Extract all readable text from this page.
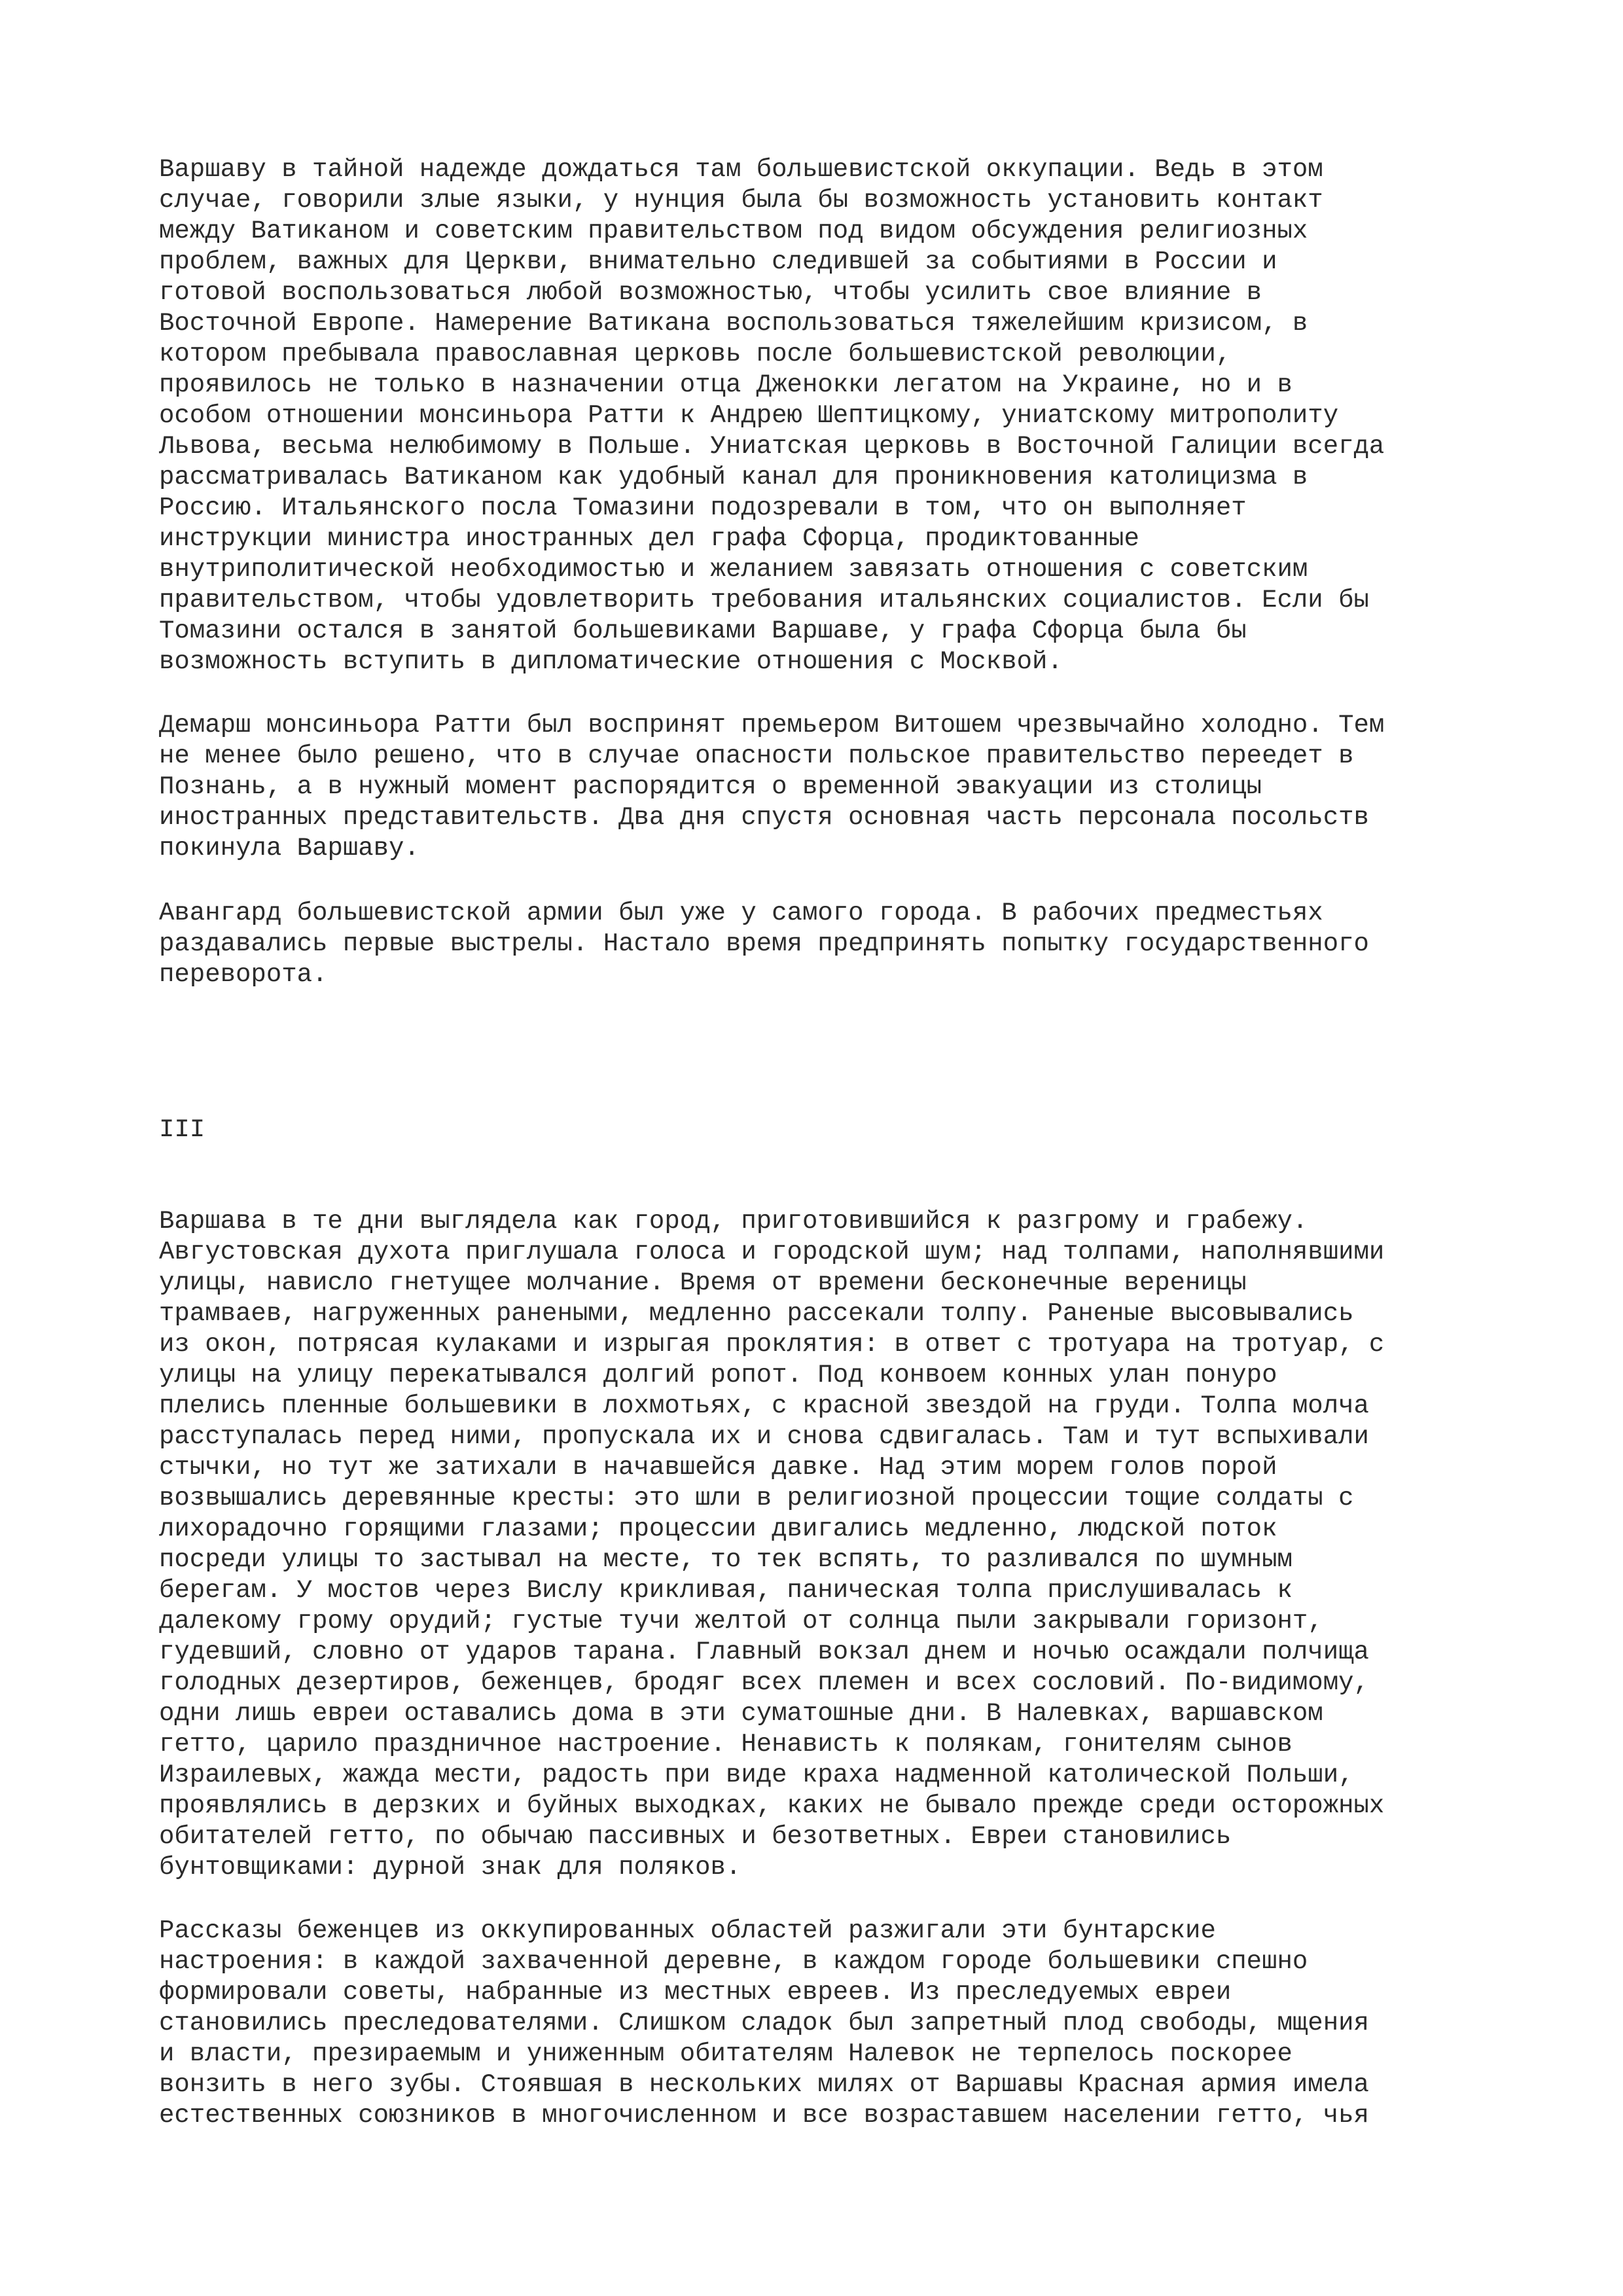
Варшаву в тайной надежде дождаться там большевистской оккупации. Ведь в этом
случае, говорили злые языки, у нунция была бы возможность установить контакт
между Ватиканом и советским правительством под видом обсуждения религиозных
проблем, важных для Церкви, внимательно следившей за событиями в России и
готовой воспользоваться любой возможностью, чтобы усилить свое влияние в
Восточной Европе. Намерение Ватикана воспользоваться тяжелейшим кризисом, в
котором пребывала православная церковь после большевистской революции,
проявилось не только в назначении отца Дженокки легатом на Украине, но и в
особом отношении монсиньора Ратти к Андрею Шептицкому, униатскому митрополиту
Львова, весьма нелюбимому в Польше. Униатская церковь в Восточной Галиции всегда
рассматривалась Ватиканом как удобный канал для проникновения католицизма в
Россию. Итальянского посла Томазини подозревали в том, что он выполняет
инструкции министра иностранных дел графа Сфорца, продиктованные
внутриполитической необходимостью и желанием завязать отношения с советским
правительством, чтобы удовлетворить требования итальянских социалистов. Если бы
Томазини остался в занятой большевиками Варшаве, у графа Сфорца была бы
возможность вступить в дипломатические отношения с Москвой.

Демарш монсиньора Ратти был воспринят премьером Витошем чрезвычайно холодно. Тем
не менее было решено, что в случае опасности польское правительство переедет в
Познань, а в нужный момент распорядится о временной эвакуации из столицы
иностранных представительств. Два дня спустя основная часть персонала посольств
покинула Варшаву.

Авангард большевистской армии был уже у самого города. В рабочих предместьях
раздавались первые выстрелы. Настало время предпринять попытку государственного
переворота.

III

Варшава в те дни выглядела как город, приготовившийся к разгрому и грабежу.
Августовская духота приглушала голоса и городской шум; над толпами, наполнявшими
улицы, нависло гнетущее молчание. Время от времени бесконечные вереницы
трамваев, нагруженных ранеными, медленно рассекали толпу. Раненые высовывались
из окон, потрясая кулаками и изрыгая проклятия: в ответ с тротуара на тротуар, с
улицы на улицу перекатывался долгий ропот. Под конвоем конных улан понуро
плелись пленные большевики в лохмотьях, с красной звездой на груди. Толпа молча
расступалась перед ними, пропускала их и снова сдвигалась. Там и тут вспыхивали
стычки, но тут же затихали в начавшейся давке. Над этим морем голов порой
возвышались деревянные кресты: это шли в религиозной процессии тощие солдаты с
лихорадочно горящими глазами; процессии двигались медленно, людской поток
посреди улицы то застывал на месте, то тек вспять, то разливался по шумным
берегам. У мостов через Вислу крикливая, паническая толпа прислушивалась к
далекому грому орудий; густые тучи желтой от солнца пыли закрывали горизонт,
гудевший, словно от ударов тарана. Главный вокзал днем и ночью осаждали полчища
голодных дезертиров, беженцев, бродяг всех племен и всех сословий. По-видимому,
одни лишь евреи оставались дома в эти суматошные дни. В Налевках, варшавском
гетто, царило праздничное настроение. Ненависть к полякам, гонителям сынов
Израилевых, жажда мести, радость при виде краха надменной католической Польши,
проявлялись в дерзких и буйных выходках, каких не бывало прежде среди осторожных
обитателей гетто, по обычаю пассивных и безответных. Евреи становились
бунтовщиками: дурной знак для поляков.

Рассказы беженцев из оккупированных областей разжигали эти бунтарские
настроения: в каждой захваченной деревне, в каждом городе большевики спешно
формировали советы, набранные из местных евреев. Из преследуемых евреи
становились преследователями. Слишком сладок был запретный плод свободы, мщения
и власти, презираемым и униженным обитателям Налевок не терпелось поскорее
вонзить в него зубы. Стоявшая в нескольких милях от Варшавы Красная армия имела
естественных союзников в многочисленном и все возраставшем населении гетто, чья
